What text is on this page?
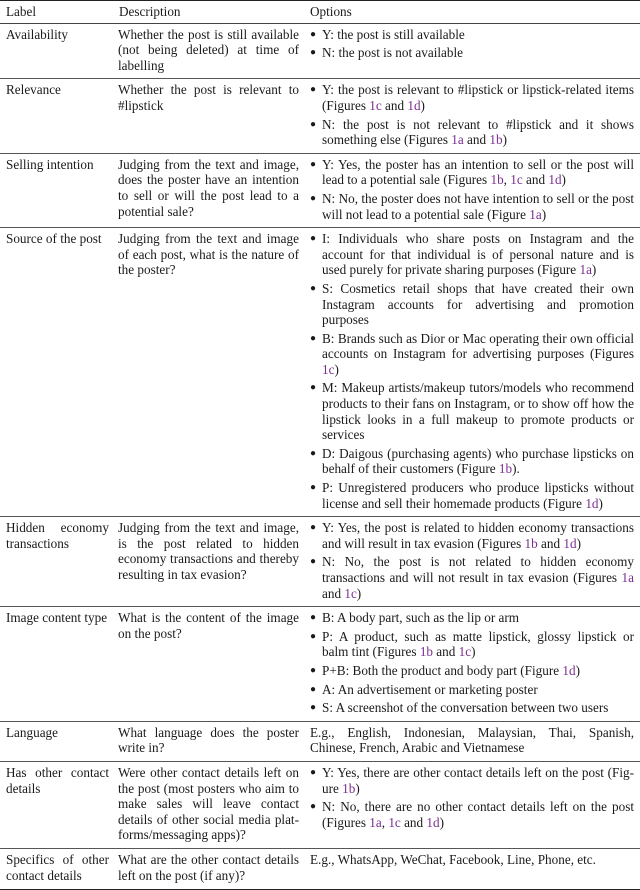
Label	Description	Options
Availability	Whether the post is still available (not being deleted) at time of labelling	
● Y: the post is still available
● N: the post is not available

Relevance	Whether the post is relevant to #lipstick	
● Y: the post is relevant to #lipstick or lipstick-related items (Figures 1c and 1d)
● N: the post is not relevant to #lipstick and it shows something else (Figures 1a and 1b)

Selling intention	Judging from the text and image, does the poster have an intention to sell or will the post lead to a potential sale?	
● Y: Yes, the poster has an intention to sell or the post will lead to a potential sale (Figures 1b, 1c and 1d)
● N: No, the poster does not have intention to sell or the post will not lead to a potential sale (Figure 1a)

Source of the post	Judging from the text and image of each post, what is the nature of the poster?	
● I: Individuals who share posts on Instagram and the account for that individual is of personal nature and is used purely for private sharing purposes (Figure 1a)
● S: Cosmetics retail shops that have created their own Instagram accounts for advertising and promotion purposes
● B: Brands such as Dior or Mac operating their own official accounts on Instagram for advertising purposes (Figures 1c)
● M: Makeup artists/makeup tutors/models who recommend products to their fans on Instagram, or to show off how the lipstick looks in a full makeup to promote products or services
● D: Daigous (purchasing agents) who purchase lipsticks on behalf of their customers (Figure 1b).
● P: Unregistered producers who produce lipsticks without license and sell their homemade products (Figure 1d)

Hidden economy transactions	Judging from the text and image, is the post related to hidden economy transactions and thereby resulting in tax evasion?	
● Y: Yes, the post is related to hidden economy transactions and will result in tax evasion (Figures 1b and 1d)
● N: No, the post is not related to hidden economy transactions and will not result in tax evasion (Figures 1a and 1c)

Image content type	What is the content of the image on the post?	
● B: A body part, such as the lip or arm
● P: A product, such as matte lipstick, glossy lipstick or balm tint (Figures 1b and 1c)
● P+B: Both the product and body part (Figure 1d)
● A: An advertisement or marketing poster
● S: A screenshot of the conversation between two users

Language	What language does the poster write in?	E.g., English, Indonesian, Malaysian, Thai, Spanish, Chinese, French, Arabic and Vietnamese
Has other contact details	Were other contact details left on the post (most posters who aim to make sales will leave contact details of other social media platforms/messaging apps)?	
● Y: Yes, there are other contact details left on the post (Figure 1b)
● N: No, there are no other contact details left on the post (Figures 1a, 1c and 1d)

Specifics of other contact details	What are the other contact details left on the post (if any)?	E.g., WhatsApp, WeChat, Facebook, Line, Phone, etc.
